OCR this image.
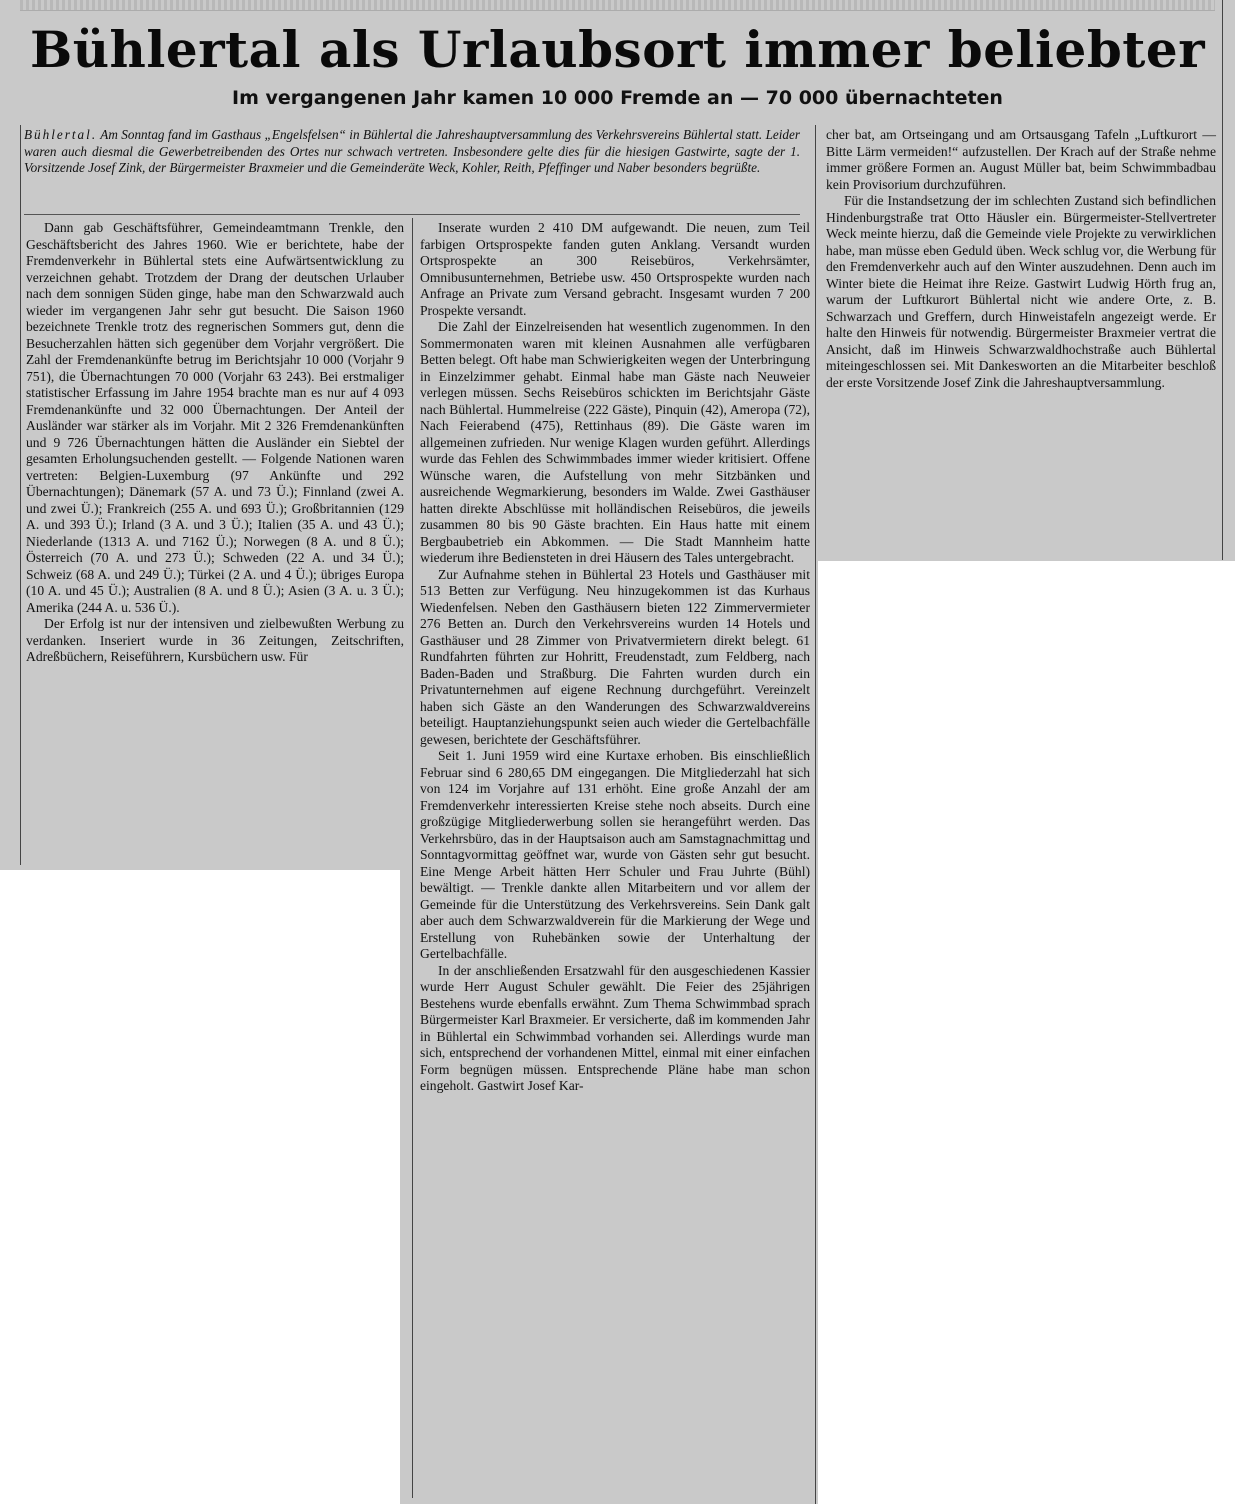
Bühlertal als Urlaubsort immer beliebter
Im vergangenen Jahr kamen 10 000 Fremde an — 70 000 übernachteten
Bühlertal. Am Sonntag fand im Gasthaus „Engelsfelsen“ in Bühlertal die Jahreshauptversammlung des Verkehrsvereins Bühlertal statt. Leider waren auch diesmal die Gewerbetreibenden des Ortes nur schwach vertreten. Insbesondere gelte dies für die hiesigen Gastwirte, sagte der 1. Vorsitzende Josef Zink, der Bürgermeister Braxmeier und die Gemeinderäte Weck, Kohler, Reith, Pfeffinger und Naber besonders begrüßte.

Dann gab Geschäftsführer, Gemeindeamtmann Trenkle, den Geschäftsbericht des Jahres 1960. Wie er berichtete, habe der Fremdenverkehr in Bühlertal stets eine Aufwärtsentwicklung zu verzeichnen gehabt. Trotzdem der Drang der deutschen Urlauber nach dem sonnigen Süden ginge, habe man den Schwarzwald auch wieder im vergangenen Jahr sehr gut besucht. Die Saison 1960 bezeichnete Trenkle trotz des regnerischen Sommers gut, denn die Besucherzahlen hätten sich gegenüber dem Vorjahr vergrößert. Die Zahl der Fremdenankünfte betrug im Berichtsjahr 10 000 (Vorjahr 9 751), die Übernachtungen 70 000 (Vorjahr 63 243). Bei erstmaliger statistischer Erfassung im Jahre 1954 brachte man es nur auf 4 093 Fremdenankünfte und 32 000 Übernachtungen. Der Anteil der Ausländer war stärker als im Vorjahr. Mit 2 326 Fremdenankünften und 9 726 Übernachtungen hätten die Ausländer ein Siebtel der gesamten Erholungsuchenden gestellt. — Folgende Nationen waren vertreten: Belgien-Luxemburg (97 Ankünfte und 292 Übernachtungen); Dänemark (57 A. und 73 Ü.); Finnland (zwei A. und zwei Ü.); Frankreich (255 A. und 693 Ü.); Großbritannien (129 A. und 393 Ü.); Irland (3 A. und 3 Ü.); Italien (35 A. und 43 Ü.); Niederlande (1313 A. und 7162 Ü.); Norwegen (8 A. und 8 Ü.); Österreich (70 A. und 273 Ü.); Schweden (22 A. und 34 Ü.); Schweiz (68 A. und 249 Ü.); Türkei (2 A. und 4 Ü.); übriges Europa (10 A. und 45 Ü.); Australien (8 A. und 8 Ü.); Asien (3 A. u. 3 Ü.); Amerika (244 A. u. 536 Ü.).

Der Erfolg ist nur der intensiven und zielbewußten Werbung zu verdanken. Inseriert wurde in 36 Zeitungen, Zeitschriften, Adreßbüchern, Reiseführern, Kursbüchern usw. Für

Inserate wurden 2 410 DM aufgewandt. Die neuen, zum Teil farbigen Ortsprospekte fanden guten Anklang. Versandt wurden Ortsprospekte an 300 Reisebüros, Verkehrsämter, Omnibusunternehmen, Betriebe usw. 450 Ortsprospekte wurden nach Anfrage an Private zum Versand gebracht. Insgesamt wurden 7 200 Prospekte versandt.

Die Zahl der Einzelreisenden hat wesentlich zugenommen. In den Sommermonaten waren mit kleinen Ausnahmen alle verfügbaren Betten belegt. Oft habe man Schwierigkeiten wegen der Unterbringung in Einzelzimmer gehabt. Einmal habe man Gäste nach Neuweier verlegen müssen. Sechs Reisebüros schickten im Berichtsjahr Gäste nach Bühlertal. Hummelreise (222 Gäste), Pinquin (42), Ameropa (72), Nach Feierabend (475), Rettinhaus (89). Die Gäste waren im allgemeinen zufrieden. Nur wenige Klagen wurden geführt. Allerdings wurde das Fehlen des Schwimmbades immer wieder kritisiert. Offene Wünsche waren, die Aufstellung von mehr Sitzbänken und ausreichende Wegmarkierung, besonders im Walde. Zwei Gasthäuser hatten direkte Abschlüsse mit holländischen Reisebüros, die jeweils zusammen 80 bis 90 Gäste brachten. Ein Haus hatte mit einem Bergbaubetrieb ein Abkommen. — Die Stadt Mannheim hatte wiederum ihre Bediensteten in drei Häusern des Tales untergebracht.

Zur Aufnahme stehen in Bühlertal 23 Hotels und Gasthäuser mit 513 Betten zur Verfügung. Neu hinzugekommen ist das Kurhaus Wiedenfelsen. Neben den Gasthäusern bieten 122 Zimmervermieter 276 Betten an. Durch den Verkehrsvereins wurden 14 Hotels und Gasthäuser und 28 Zimmer von Privatvermietern direkt belegt. 61 Rundfahrten führten zur Hohritt, Freudenstadt, zum Feldberg, nach Baden-Baden und Straßburg. Die Fahrten wurden durch ein Privatunternehmen auf eigene Rechnung durchgeführt. Vereinzelt haben sich Gäste an den Wanderungen des Schwarzwaldvereins beteiligt. Hauptanziehungspunkt seien auch wieder die Gertelbachfälle gewesen, berichtete der Geschäftsführer.

Seit 1. Juni 1959 wird eine Kurtaxe erhoben. Bis einschließlich Februar sind 6 280,65 DM eingegangen. Die Mitgliederzahl hat sich von 124 im Vorjahre auf 131 erhöht. Eine große Anzahl der am Fremdenverkehr interessierten Kreise stehe noch abseits. Durch eine großzügige Mitgliederwerbung sollen sie herangeführt werden. Das Verkehrsbüro, das in der Hauptsaison auch am Samstagnachmittag und Sonntagvormittag geöffnet war, wurde von Gästen sehr gut besucht. Eine Menge Arbeit hätten Herr Schuler und Frau Juhrte (Bühl) bewältigt. — Trenkle dankte allen Mitarbeitern und vor allem der Gemeinde für die Unterstützung des Verkehrsvereins. Sein Dank galt aber auch dem Schwarzwaldverein für die Markierung der Wege und Erstellung von Ruhebänken sowie der Unterhaltung der Gertelbachfälle.

In der anschließenden Ersatzwahl für den ausgeschiedenen Kassier wurde Herr August Schuler gewählt. Die Feier des 25jährigen Bestehens wurde ebenfalls erwähnt. Zum Thema Schwimmbad sprach Bürgermeister Karl Braxmeier. Er versicherte, daß im kommenden Jahr in Bühlertal ein Schwimmbad vorhanden sei. Allerdings wurde man sich, entsprechend der vorhandenen Mittel, einmal mit einer einfachen Form begnügen müssen. Entsprechende Pläne habe man schon eingeholt. Gastwirt Josef Kar-

cher bat, am Ortseingang und am Ortsausgang Tafeln „Luftkurort — Bitte Lärm vermeiden!“ aufzustellen. Der Krach auf der Straße nehme immer größere Formen an. August Müller bat, beim Schwimmbadbau kein Provisorium durchzuführen.

Für die Instandsetzung der im schlechten Zustand sich befindlichen Hindenburgstraße trat Otto Häusler ein. Bürgermeister-Stellvertreter Weck meinte hierzu, daß die Gemeinde viele Projekte zu verwirklichen habe, man müsse eben Geduld üben. Weck schlug vor, die Werbung für den Fremdenverkehr auch auf den Winter auszudehnen. Denn auch im Winter biete die Heimat ihre Reize. Gastwirt Ludwig Hörth frug an, warum der Luftkurort Bühlertal nicht wie andere Orte, z. B. Schwarzach und Greffern, durch Hinweistafeln angezeigt werde. Er halte den Hinweis für notwendig. Bürgermeister Braxmeier vertrat die Ansicht, daß im Hinweis Schwarzwaldhochstraße auch Bühlertal miteingeschlossen sei. Mit Dankesworten an die Mitarbeiter beschloß der erste Vorsitzende Josef Zink die Jahreshauptversammlung.
